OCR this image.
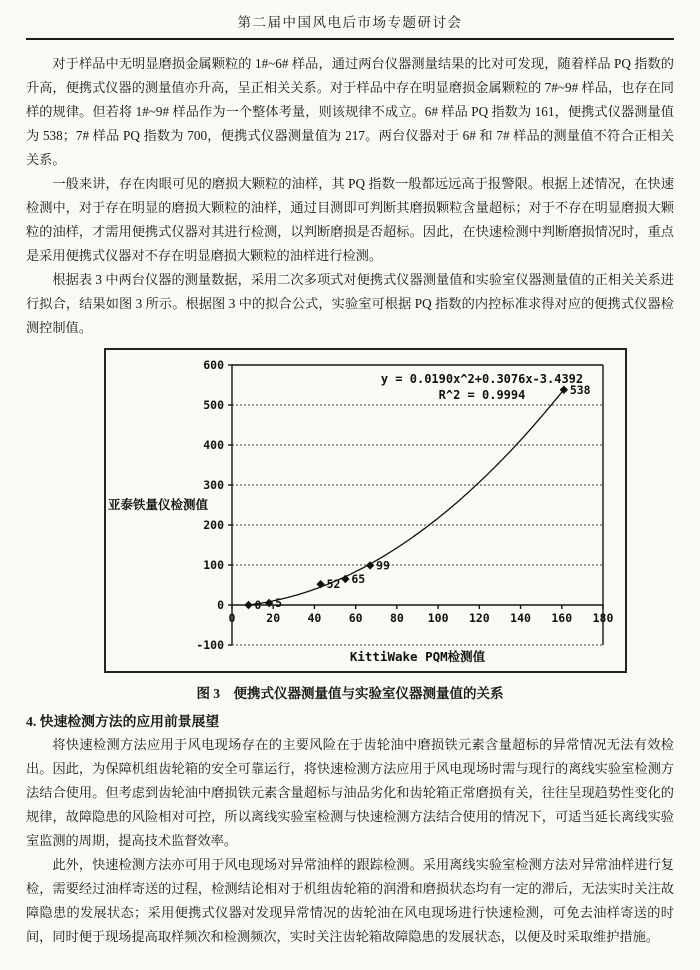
第二届中国风电后市场专题研讨会

对于样品中无明显磨损金属颗粒的 1#~6# 样品，通过两台仪器测量结果的比对可发现，随着样品 PQ 指数的升高，便携式仪器的测量值亦升高，呈正相关关系。对于样品中存在明显磨损金属颗粒的 7#~9# 样品，也存在同样的规律。但若将 1#~9# 样品作为一个整体考量，则该规律不成立。6# 样品 PQ 指数为 161，便携式仪器测量值为 538；7# 样品 PQ 指数为 700，便携式仪器测量值为 217。两台仪器对于 6# 和 7# 样品的测量值不符合正相关关系。

一般来讲，存在肉眼可见的磨损大颗粒的油样，其 PQ 指数一般都远远高于报警限。根据上述情况，在快速检测中，对于存在明显的磨损大颗粒的油样，通过目测即可判断其磨损颗粒含量超标；对于不存在明显磨损大颗粒的油样，才需用便携式仪器对其进行检测，以判断磨损是否超标。因此，在快速检测中判断磨损情况时，重点是采用便携式仪器对不存在明显磨损大颗粒的油样进行检测。

根据表 3 中两台仪器的测量数据，采用二次多项式对便携式仪器测量值和实验室仪器测量值的正相关关系进行拟合，结果如图 3 所示。根据图 3 中的拟合公式，实验室可根据 PQ 指数的内控标准求得对应的便携式仪器检测控制值。

600
500
400
300
200
100
0
-100
0	20 40 60 80 100 120 140 160 180
y = 0.0190x^2+0.3076x-3.4392
R^2 = 0.9994
0 5
52 65
99
538
亚泰铁量仪检测值
KittiWake PQM检测值
图 3　便携式仪器测量值与实验室仪器测量值的关系
4. 快速检测方法的应用前景展望

将快速检测方法应用于风电现场存在的主要风险在于齿轮油中磨损铁元素含量超标的异常情况无法有效检出。因此，为保障机组齿轮箱的安全可靠运行，将快速检测方法应用于风电现场时需与现行的离线实验室检测方法结合使用。但考虑到齿轮油中磨损铁元素含量超标与油品劣化和齿轮箱正常磨损有关，往往呈现趋势性变化的规律，故障隐患的风险相对可控，所以离线实验室检测与快速检测方法结合使用的情况下，可适当延长离线实验室监测的周期，提高技术监督效率。

此外，快速检测方法亦可用于风电现场对异常油样的跟踪检测。采用离线实验室检测方法对异常油样进行复检，需要经过油样寄送的过程，检测结论相对于机组齿轮箱的润滑和磨损状态均有一定的滞后，无法实时关注故障隐患的发展状态；采用便携式仪器对发现异常情况的齿轮油在风电现场进行快速检测，可免去油样寄送的时间，同时便于现场提高取样频次和检测频次，实时关注齿轮箱故障隐患的发展状态，以便及时采取维护措施。
